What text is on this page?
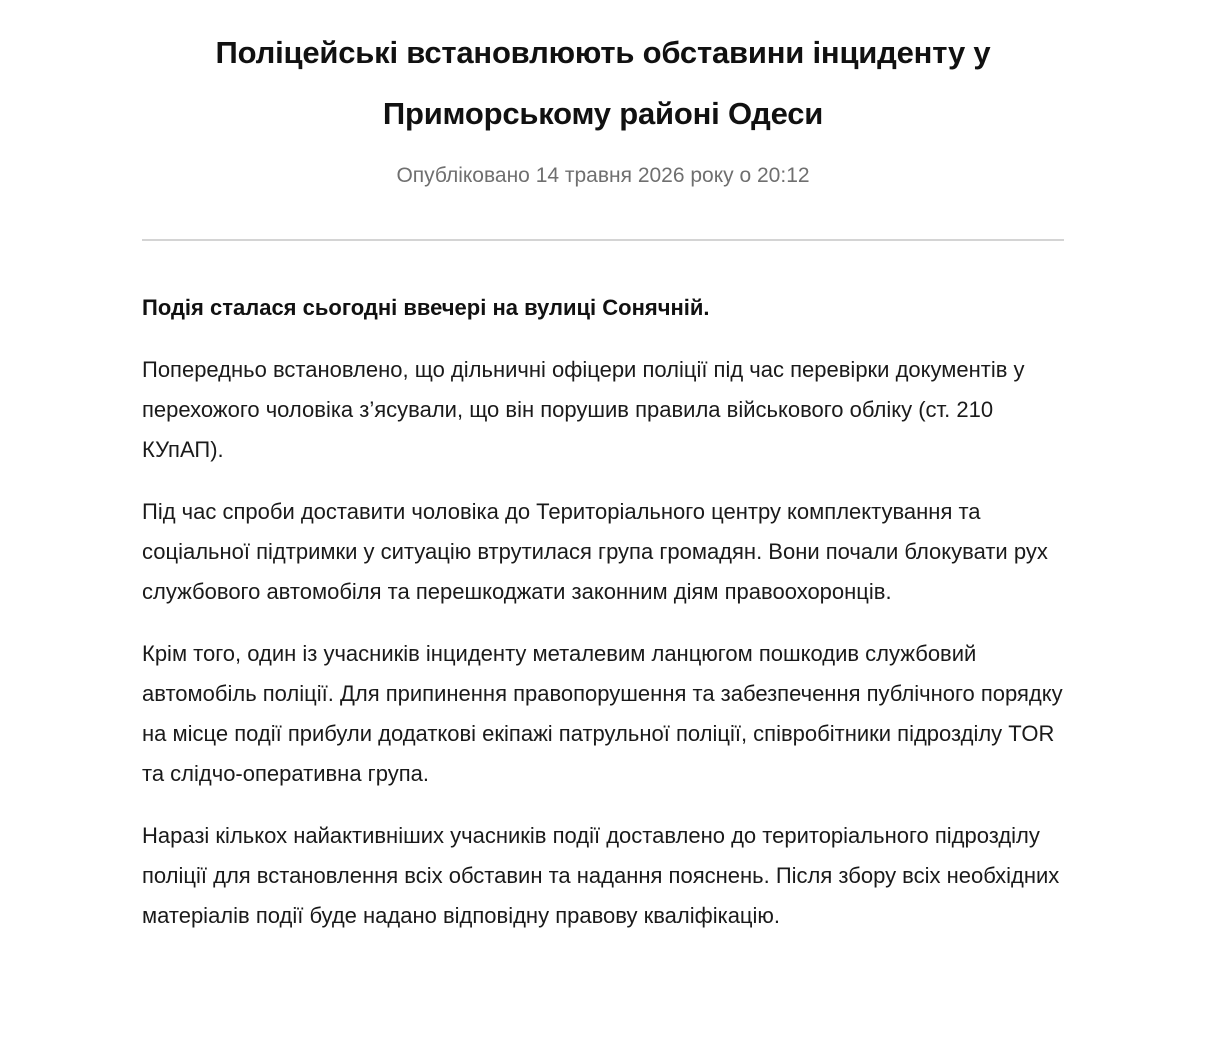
Поліцейські встановлюють обставини інциденту у Приморському районі Одеси
Опубліковано 14 травня 2026 року о 20:12

Подія сталася сьогодні ввечері на вулиці Сонячній.

Попередньо встановлено, що дільничні офіцери поліції під час перевірки документів у перехожого чоловіка з’ясували, що він порушив правила військового обліку (ст. 210 КУпАП).

Під час спроби доставити чоловіка до Територіального центру комплектування та соціальної підтримки у ситуацію втрутилася група громадян. Вони почали блокувати рух службового автомобіля та перешкоджати законним діям правоохоронців.

Крім того, один із учасників інциденту металевим ланцюгом пошкодив службовий автомобіль поліції. Для припинення правопорушення та забезпечення публічного порядку на місце події прибули додаткові екіпажі патрульної поліції, співробітники підрозділу TOR та слідчо-оперативна група.

Наразі кількох найактивніших учасників події доставлено до територіального підрозділу поліції для встановлення всіх обставин та надання пояснень. Після збору всіх необхідних матеріалів події буде надано відповідну правову кваліфікацію.
